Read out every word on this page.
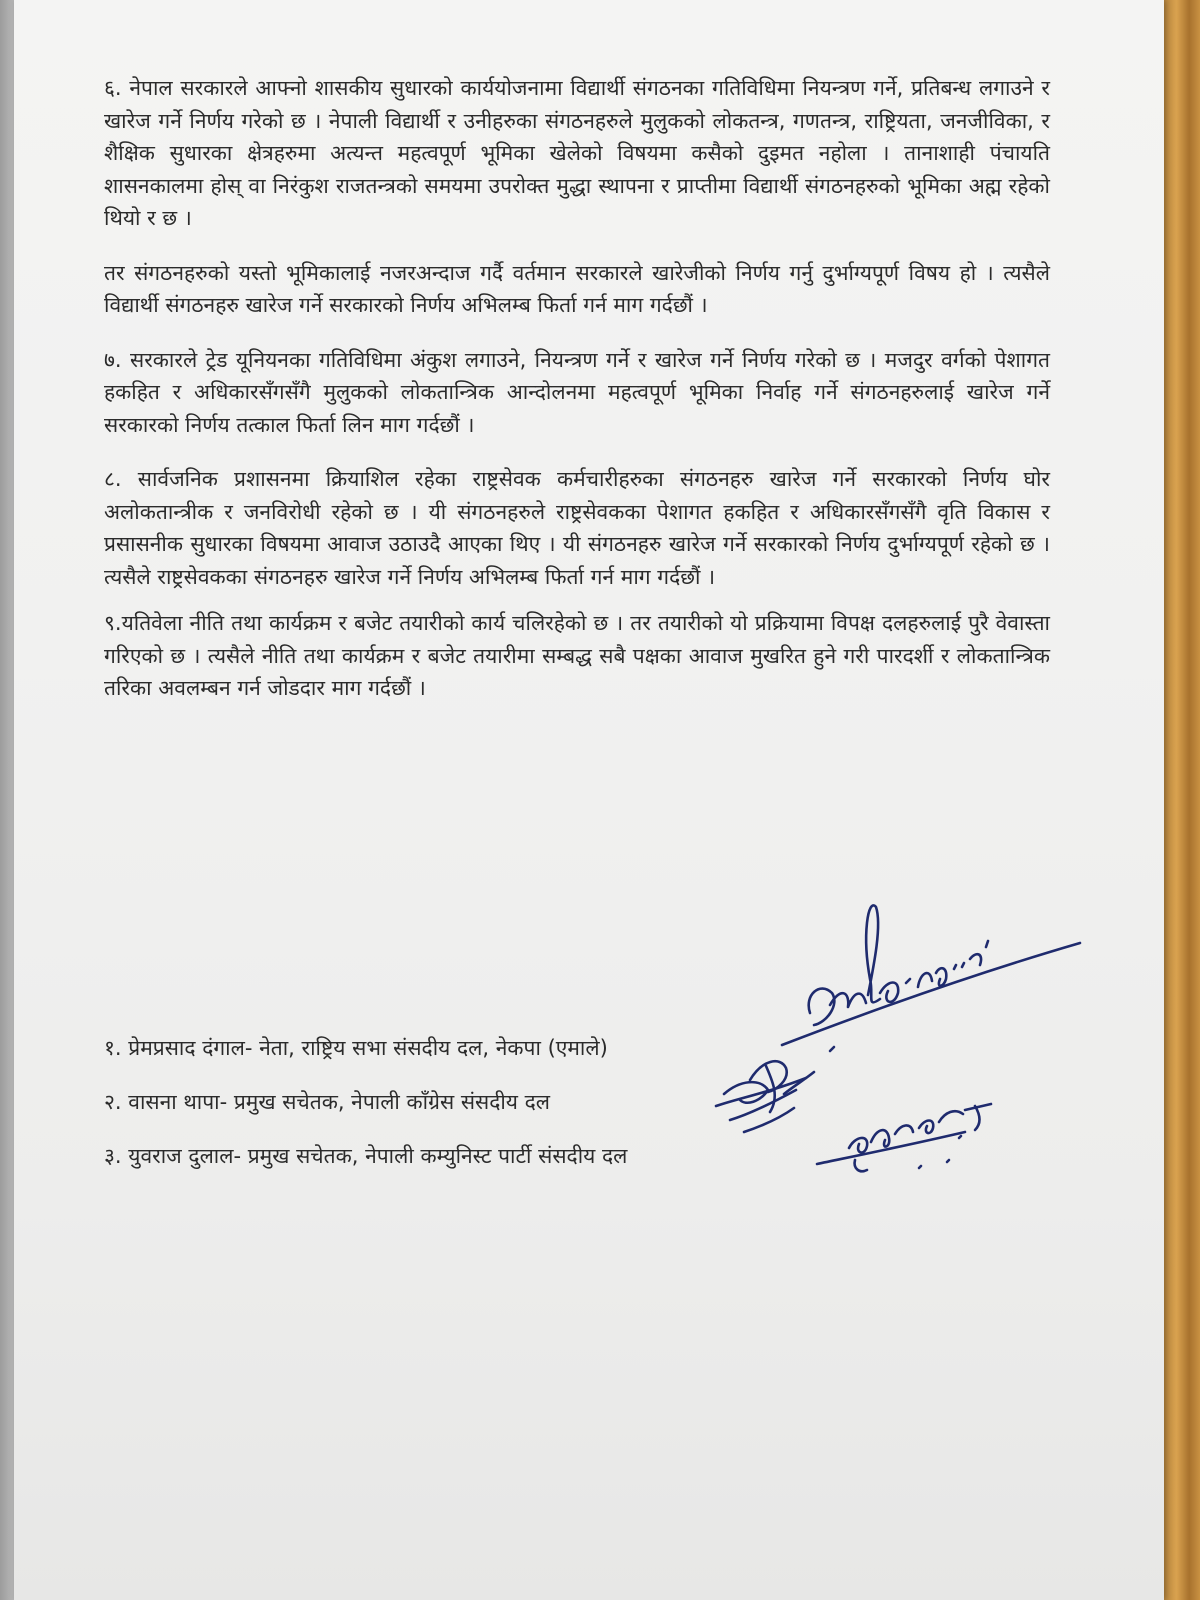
६. नेपाल सरकारले आफ्नो शासकीय सुधारको कार्ययोजनामा विद्यार्थी संगठनका गतिविधिमा नियन्त्रण गर्ने, प्रतिबन्ध लगाउने र खारेज गर्ने निर्णय गरेको छ । नेपाली विद्यार्थी र उनीहरुका संगठनहरुले मुलुकको लोकतन्त्र, गणतन्त्र, राष्ट्रियता, जनजीविका, र शैक्षिक सुधारका क्षेत्रहरुमा अत्यन्त महत्वपूर्ण भूमिका खेलेको विषयमा कसैको दुइमत नहोला । तानाशाही पंचायति शासनकालमा होस् वा निरंकुश राजतन्त्रको समयमा उपरोक्त मुद्धा स्थापना र प्राप्तीमा विद्यार्थी संगठनहरुको भूमिका अह्म रहेको थियो र छ ।

तर संगठनहरुको यस्तो भूमिकालाई नजरअन्दाज गर्दै वर्तमान सरकारले खारेजीको निर्णय गर्नु दुर्भाग्यपूर्ण विषय हो । त्यसैले विद्यार्थी संगठनहरु खारेज गर्ने सरकारको निर्णय अभिलम्ब फिर्ता गर्न माग गर्दछौं ।

७. सरकारले ट्रेड यूनियनका गतिविधिमा अंकुश लगाउने, नियन्त्रण गर्ने र खारेज गर्ने निर्णय गरेको छ । मजदुर वर्गको पेशागत हकहित र अधिकारसँगसँगै मुलुकको लोकतान्त्रिक आन्दोलनमा महत्वपूर्ण भूमिका निर्वाह गर्ने संगठनहरुलाई खारेज गर्ने सरकारको निर्णय तत्काल फिर्ता लिन माग गर्दछौं ।

८. सार्वजनिक प्रशासनमा क्रियाशिल रहेका राष्ट्रसेवक कर्मचारीहरुका संगठनहरु खारेज गर्ने सरकारको निर्णय घोर अलोकतान्त्रीक र जनविरोधी रहेको छ । यी संगठनहरुले राष्ट्रसेवकका पेशागत हकहित र अधिकारसँगसँगै वृति विकास र प्रसासनीक सुधारका विषयमा आवाज उठाउदै आएका थिए । यी संगठनहरु खारेज गर्ने सरकारको निर्णय दुर्भाग्यपूर्ण रहेको छ । त्यसैले राष्ट्रसेवकका संगठनहरु खारेज गर्ने निर्णय अभिलम्ब फिर्ता गर्न माग गर्दछौं ।

९.यतिवेला नीति तथा कार्यक्रम र बजेट तयारीको कार्य चलिरहेको छ । तर तयारीको यो प्रक्रियामा विपक्ष दलहरुलाई पुरै वेवास्ता गरिएको छ । त्यसैले नीति तथा कार्यक्रम र बजेट तयारीमा सम्बद्ध सबै पक्षका आवाज मुखरित हुने गरी पारदर्शी र लोकतान्त्रिक तरिका अवलम्बन गर्न जोडदार माग गर्दछौं ।

१. प्रेमप्रसाद दंगाल- नेता, राष्ट्रिय सभा संसदीय दल, नेकपा (एमाले)
२. वासना थापा- प्रमुख सचेतक, नेपाली काँग्रेस संसदीय दल
३. युवराज दुलाल- प्रमुख सचेतक, नेपाली कम्युनिस्ट पार्टी संसदीय दल
